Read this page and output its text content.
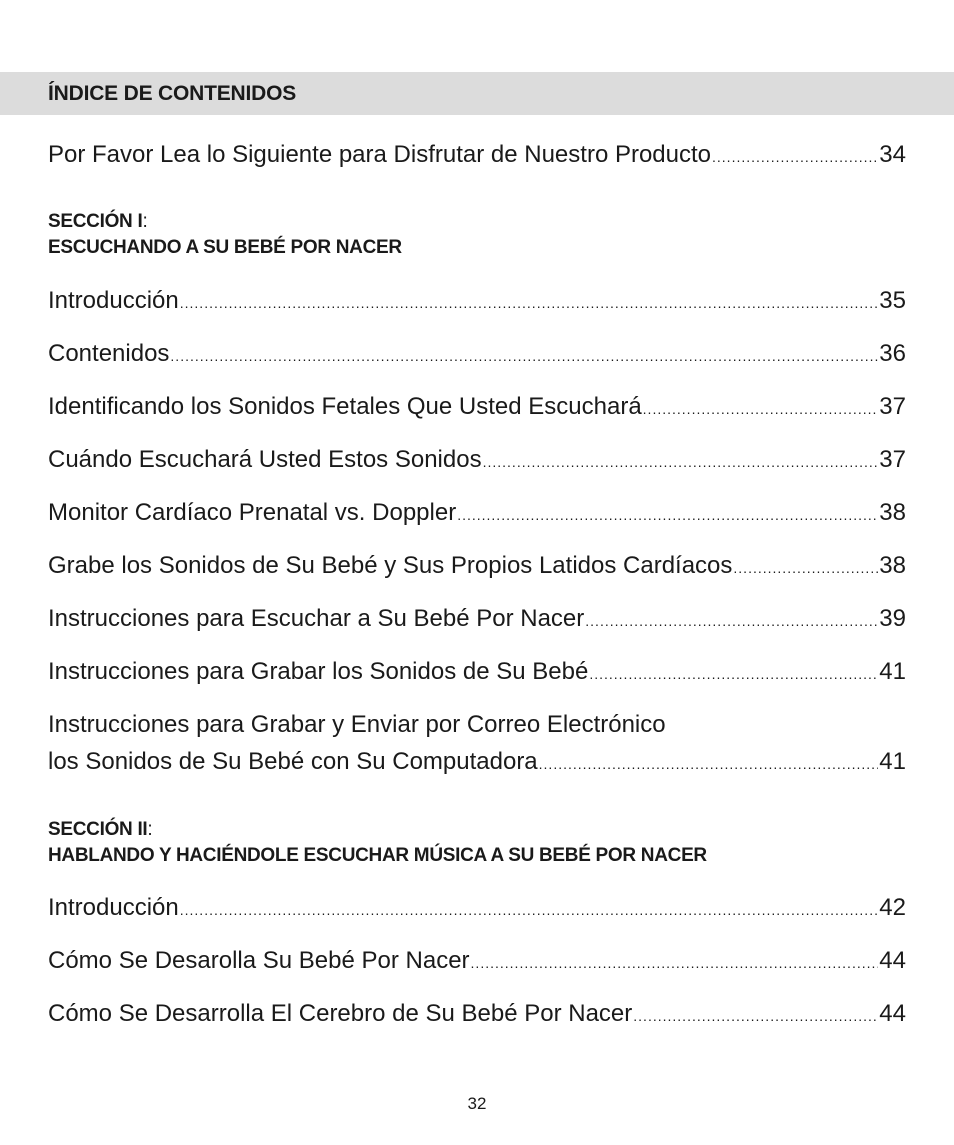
ÍNDICE DE CONTENIDOS
Por Favor Lea lo Siguiente para Disfrutar de Nuestro Producto .....	34
SECCIÓN I:
ESCUCHANDO A SU BEBÉ POR NACER
Introducción .....	35
Contenidos .....	36
Identificando los Sonidos Fetales Que Usted Escuchará .....	37
Cuándo Escuchará Usted Estos Sonidos .....	37
Monitor Cardíaco Prenatal vs. Doppler .....	38
Grabe los Sonidos de Su Bebé y Sus Propios Latidos Cardíacos .....	38
Instrucciones para Escuchar a Su Bebé Por Nacer .....	39
Instrucciones para Grabar los Sonidos de Su Bebé .....	41
Instrucciones para Grabar y Enviar por Correo Electrónico
los Sonidos de Su Bebé con Su Computadora .....	41
SECCIÓN II:
HABLANDO Y HACIÉNDOLE ESCUCHAR MÚSICA A SU BEBÉ POR NACER
Introducción .....	42
Cómo Se Desarolla Su Bebé Por Nacer .....	44
Cómo Se Desarrolla El Cerebro de Su Bebé Por Nacer .....	44
32
